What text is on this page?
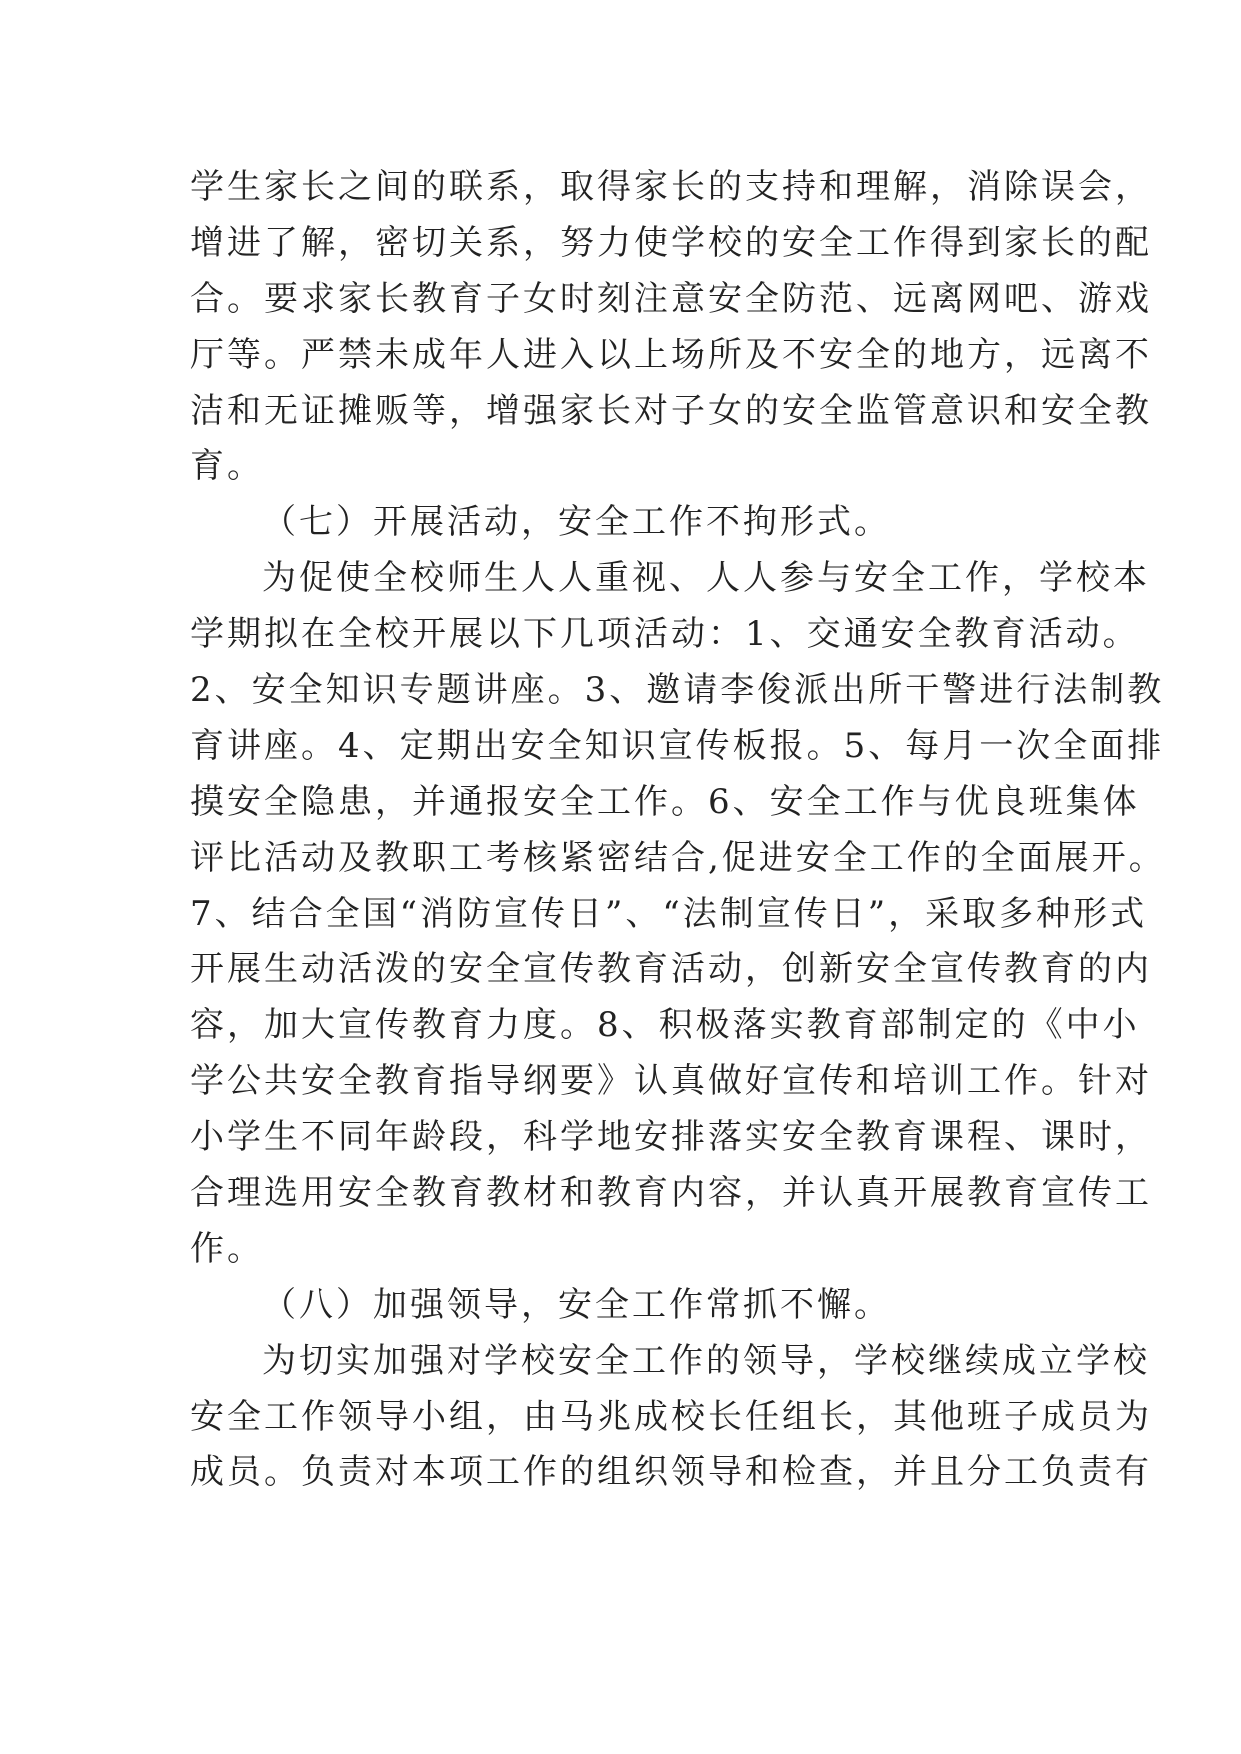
学生家长之间的联系，取得家长的支持和理解，消除误会，
增进了解，密切关系，努力使学校的安全工作得到家长的配
合。要求家长教育子女时刻注意安全防范、远离网吧、游戏
厅等。严禁未成年人进入以上场所及不安全的地方，远离不
洁和无证摊贩等，增强家长对子女的安全监管意识和安全教
育。
（七）开展活动，安全工作不拘形式。
为促使全校师生人人重视、人人参与安全工作，学校本
学期拟在全校开展以下几项活动：1、交通安全教育活动。
2、安全知识专题讲座。3、邀请李俊派出所干警进行法制教
育讲座。4、定期出安全知识宣传板报。5、每月一次全面排
摸安全隐患，并通报安全工作。6、安全工作与优良班集体
评比活动及教职工考核紧密结合,促进安全工作的全面展开。
7、结合全国“消防宣传日”、“法制宣传日”，采取多种形式
开展生动活泼的安全宣传教育活动，创新安全宣传教育的内
容，加大宣传教育力度。8、积极落实教育部制定的《中小
学公共安全教育指导纲要》认真做好宣传和培训工作。针对
小学生不同年龄段，科学地安排落实安全教育课程、课时，
合理选用安全教育教材和教育内容，并认真开展教育宣传工
作。
（八）加强领导，安全工作常抓不懈。
为切实加强对学校安全工作的领导，学校继续成立学校
安全工作领导小组，由马兆成校长任组长，其他班子成员为
成员。负责对本项工作的组织领导和检查，并且分工负责有
